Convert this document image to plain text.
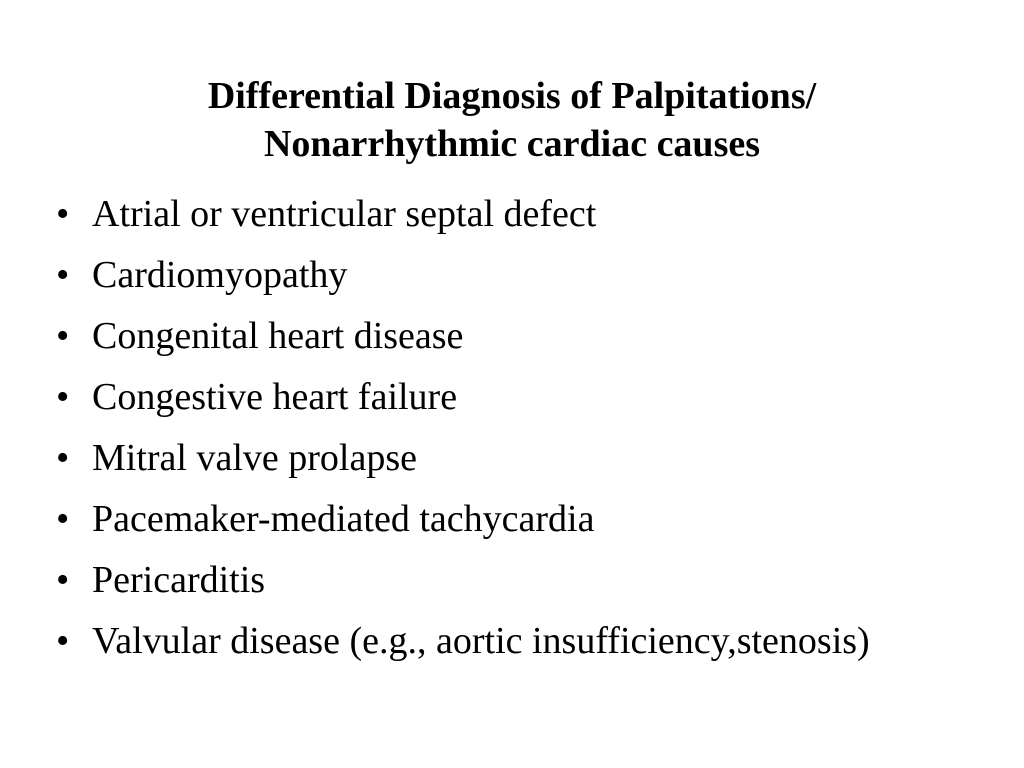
Differential Diagnosis of Palpitations/
Nonarrhythmic cardiac causes
• Atrial or ventricular septal defect
• Cardiomyopathy
• Congenital heart disease
• Congestive heart failure
• Mitral valve prolapse
• Pacemaker-mediated tachycardia
• Pericarditis
• Valvular disease (e.g., aortic insufficiency,stenosis)
